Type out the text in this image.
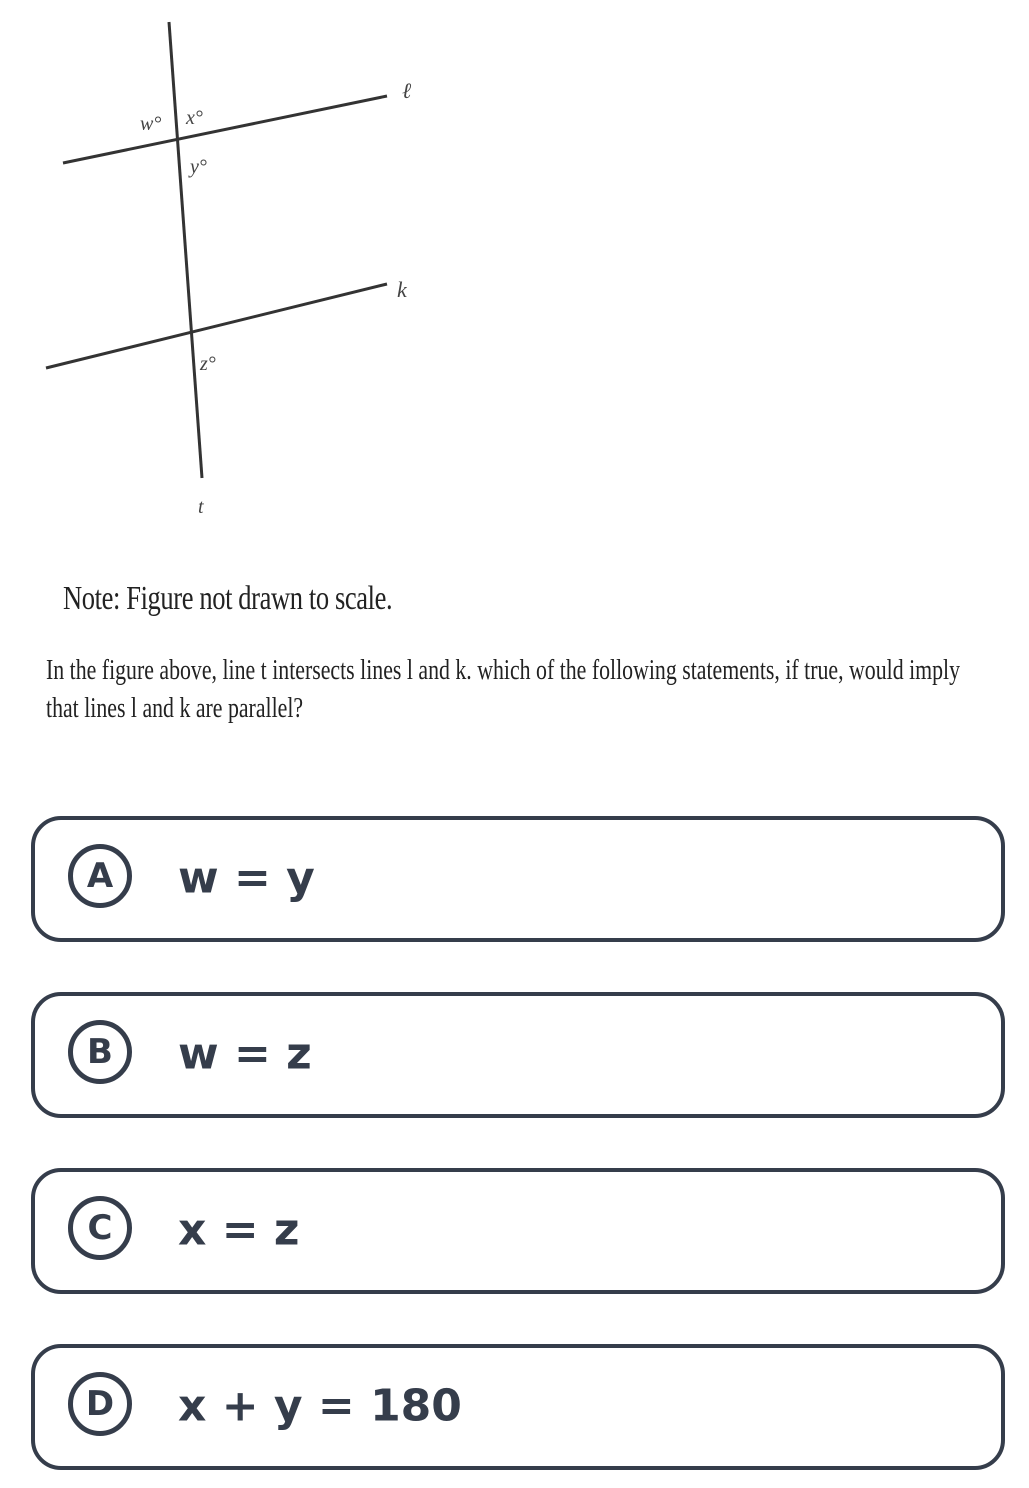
w° x°
y°
z°
ℓ
k
t
Note: Figure not drawn to scale.
In the figure above, line t intersects lines l and k. which of the following statements, if true, would imply that lines l and k are parallel?
A	w = y
B	w = z
C	x = z
D	x + y = 180
